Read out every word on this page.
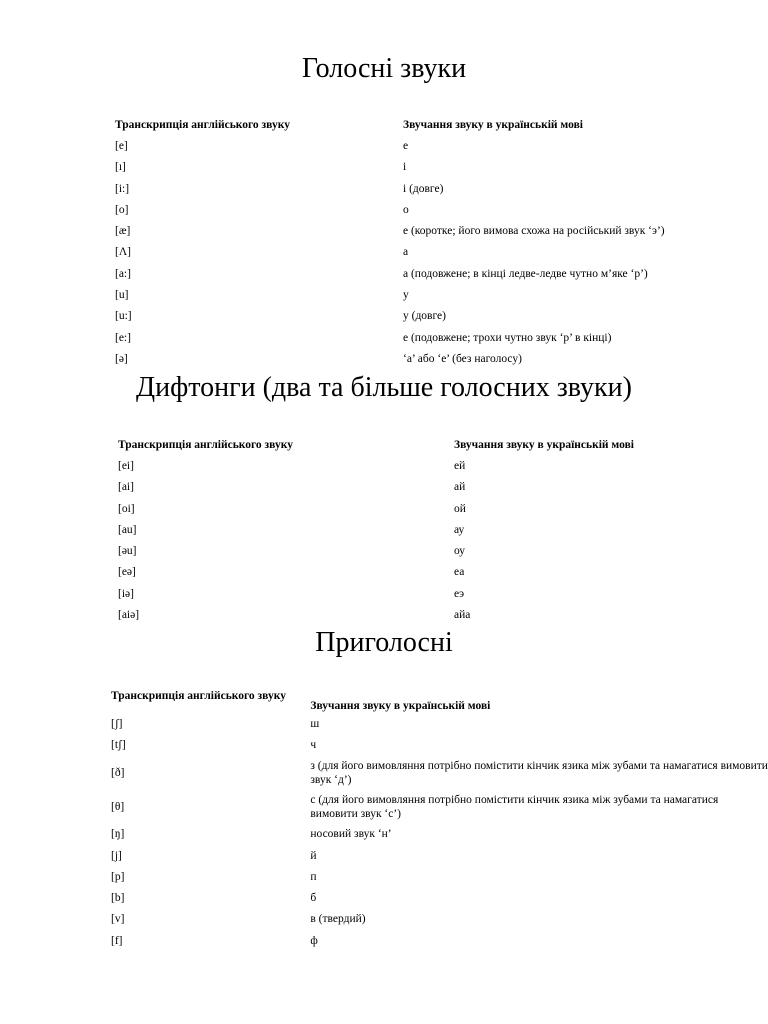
Голосні звуки
Транскрипція англійського звуку	Звучання звуку в українській мові
[e]	е
[ı]	і
[i:]	і (довге)
[o]	о
[æ]	е (коротке; його вимова схожа на російський звук ‘э’)
[Λ]	а
[a:]	а (подовжене; в кінці ледве-ледве чутно м’яке ‘р’)
[u]	у
[u:]	у (довге)
[е:]	е (подовжене; трохи чутно звук ‘р’ в кінці)
[ə]	‘а’ або ‘е’ (без наголосу)
Дифтонги (два та більше голосних звуки)
Транскрипція англійського звуку	Звучання звуку в українській мові
[ei]	ей
[ai]	ай
[oi]	ой
[au]	ау
[əu]	оу
[eə]	еа
[iə]	еэ
[aiə]	айа
Приголосні
Транскрипція англійського звуку	Звучання звуку в українській мові
[ʃ]	ш
[tʃ]	ч
[ð]	з (для його вимовляння потрібно помістити кінчик язика між зубами та намагатися вимовити звук ‘д’)
[θ]	с (для його вимовляння потрібно помістити кінчик язика між зубами та намагатися вимовити звук ‘с’)
[ŋ]	носовий звук ‘н’
[j]	й
[p]	п
[b]	б
[v]	в (твердий)
[f]	ф
